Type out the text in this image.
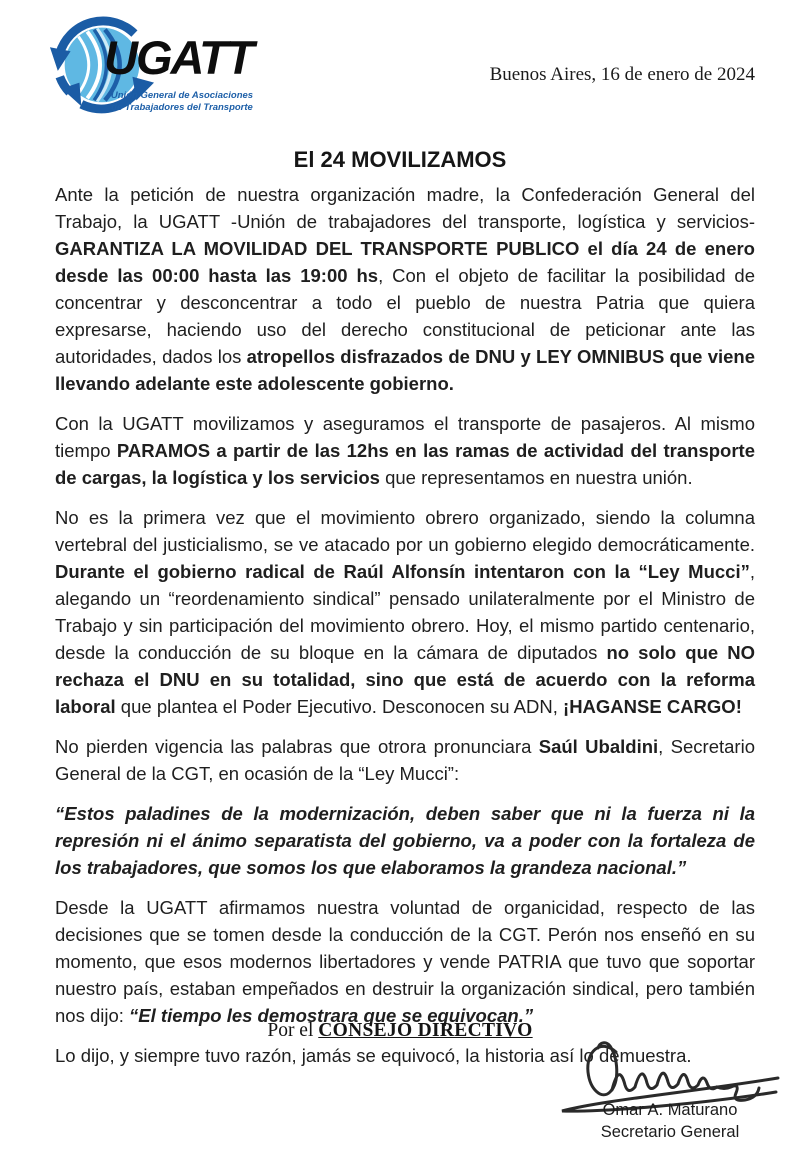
UGATT
Unión General de Asociaciones
de Trabajadores del Transporte
Buenos Aires, 16 de enero de 2024
El 24 MOVILIZAMOS

Ante la petición de nuestra organización madre, la Confederación General del Trabajo, la UGATT -Unión de trabajadores del transporte, logística y servicios- GARANTIZA LA MOVILIDAD DEL TRANSPORTE PUBLICO el día 24 de enero desde las 00:00 hasta las 19:00 hs, Con el objeto de facilitar la posibilidad de concentrar y desconcentrar a todo el pueblo de nuestra Patria que quiera expresarse, haciendo uso del derecho constitucional de peticionar ante las autoridades, dados los atropellos disfrazados de DNU y LEY OMNIBUS que viene llevando adelante este adolescente gobierno.

Con la UGATT movilizamos y aseguramos el transporte de pasajeros. Al mismo tiempo PARAMOS a partir de las 12hs en las ramas de actividad del transporte de cargas, la logística y los servicios que representamos en nuestra unión.

No es la primera vez que el movimiento obrero organizado, siendo la columna vertebral del justicialismo, se ve atacado por un gobierno elegido democráticamente. Durante el gobierno radical de Raúl Alfonsín intentaron con la “Ley Mucci”, alegando un “reordenamiento sindical” pensado unilateralmente por el Ministro de Trabajo y sin participación del movimiento obrero. Hoy, el mismo partido centenario, desde la conducción de su bloque en la cámara de diputados no solo que NO rechaza el DNU en su totalidad, sino que está de acuerdo con la reforma laboral que plantea el Poder Ejecutivo. Desconocen su ADN, ¡HAGANSE CARGO!

No pierden vigencia las palabras que otrora pronunciara Saúl Ubaldini, Secretario General de la CGT, en ocasión de la “Ley Mucci”:

“Estos paladines de la modernización, deben saber que ni la fuerza ni la represión ni el ánimo separatista del gobierno, va a poder con la fortaleza de los trabajadores, que somos los que elaboramos la grandeza nacional.”

Desde la UGATT afirmamos nuestra voluntad de organicidad, respecto de las decisiones que se tomen desde la conducción de la CGT. Perón nos enseñó en su momento, que esos modernos libertadores y vende PATRIA que tuvo que soportar nuestro país, estaban empeñados en destruir la organización sindical, pero también nos dijo: “El tiempo les demostrara que se equivocan.”

Lo dijo, y siempre tuvo razón, jamás se equivocó, la historia así lo demuestra.

Por el CONSEJO DIRECTIVO
Omar A. Maturano
Secretario General
